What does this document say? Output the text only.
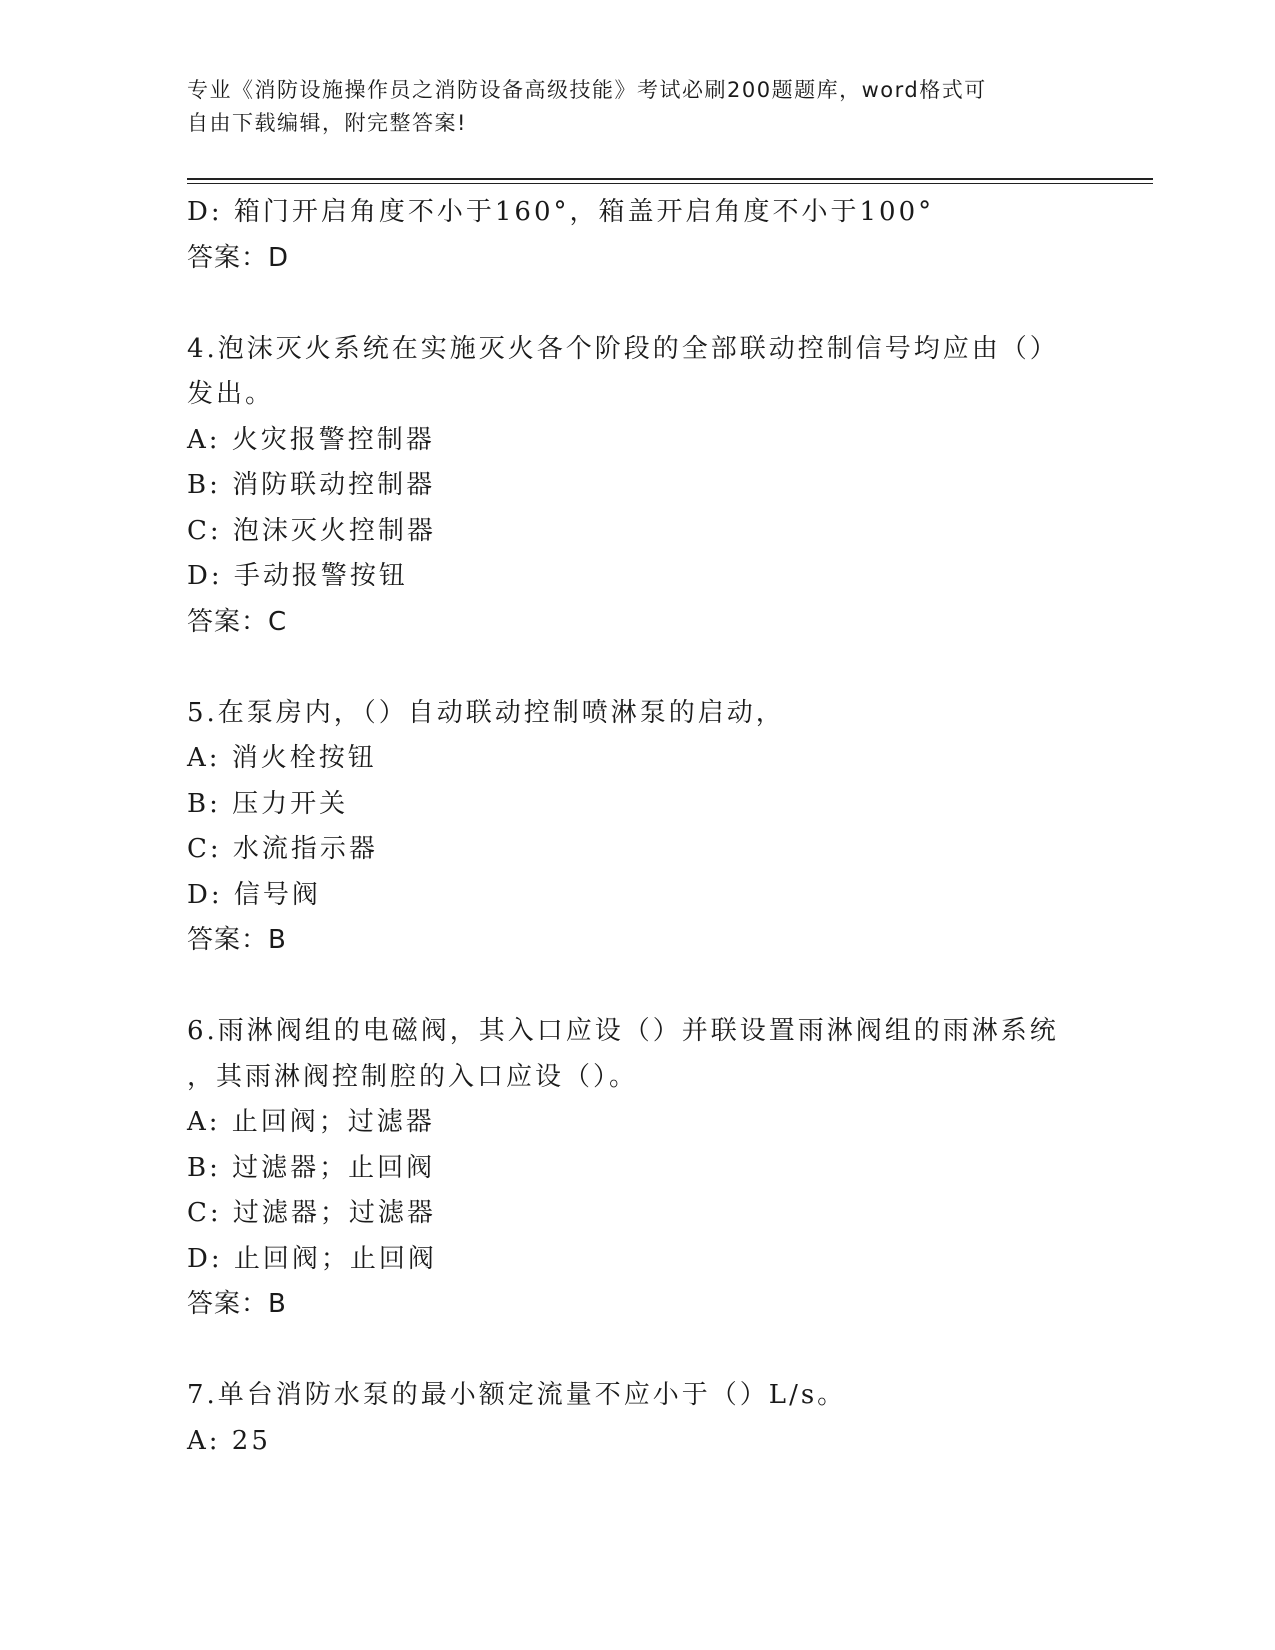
专业《消防设施操作员之消防设备高级技能》考试必刷200题题库，word格式可
自由下载编辑，附完整答案!
D: 箱门开启角度不小于160°，箱盖开启角度不小于100°
答案：D
4.泡沫灭火系统在实施灭火各个阶段的全部联动控制信号均应由（）
发出。
A: 火灾报警控制器
B: 消防联动控制器
C: 泡沫灭火控制器
D: 手动报警按钮
答案：C
5.在泵房内，（）自动联动控制喷淋泵的启动，
A: 消火栓按钮
B: 压力开关
C: 水流指示器
D: 信号阀
答案：B
6.雨淋阀组的电磁阀，其入口应设（）并联设置雨淋阀组的雨淋系统
，其雨淋阀控制腔的入口应设（）。
A: 止回阀；过滤器
B: 过滤器；止回阀
C: 过滤器；过滤器
D: 止回阀；止回阀
答案：B
7.单台消防水泵的最小额定流量不应小于（）L/s。
A: 25
